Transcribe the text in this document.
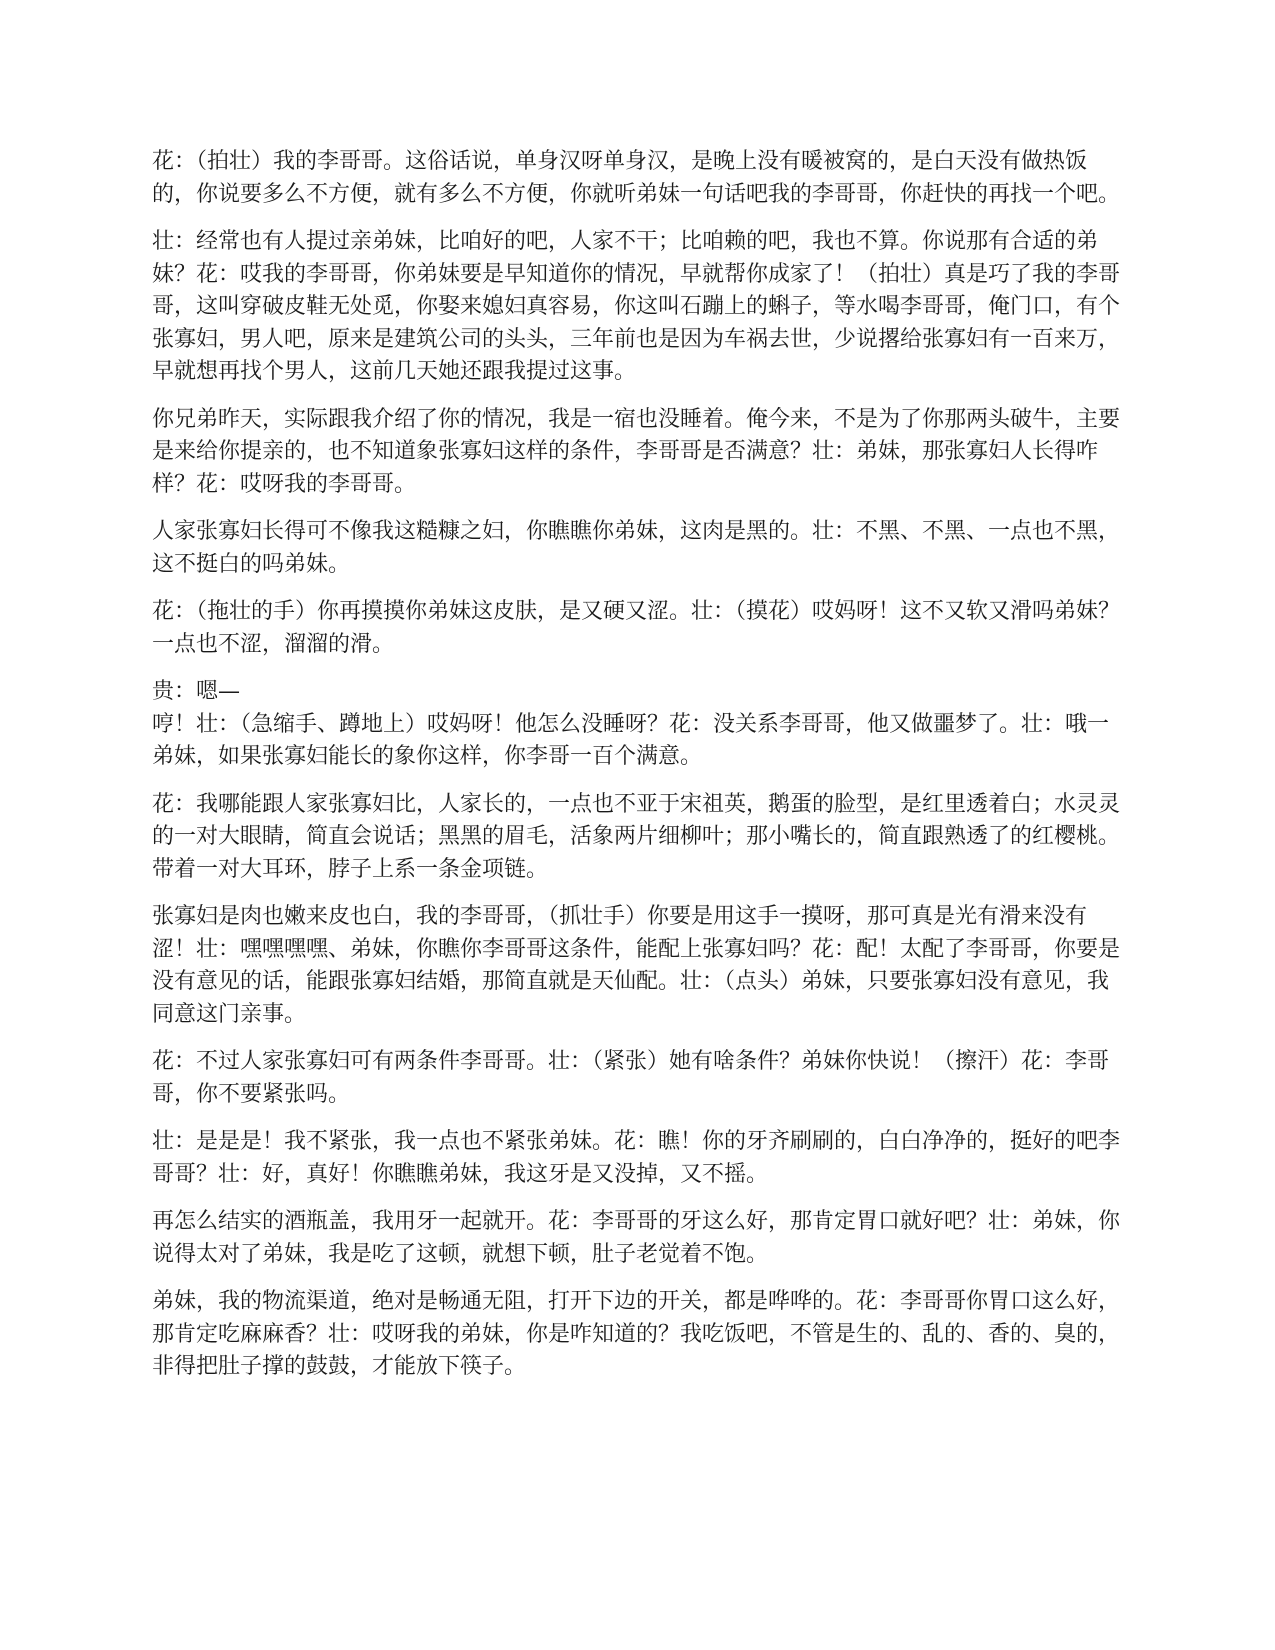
花：（拍壮）我的李哥哥。这俗话说，单身汉呀单身汉，是晚上没有暖被窝的，是白天没有做热饭的，你说要多么不方便，就有多么不方便，你就听弟妹一句话吧我的李哥哥，你赶快的再找一个吧。

壮：经常也有人提过亲弟妹，比咱好的吧，人家不干；比咱赖的吧，我也不算。你说那有合适的弟妹？花：哎我的李哥哥，你弟妹要是早知道你的情况，早就帮你成家了！（拍壮）真是巧了我的李哥哥，这叫穿破皮鞋无处觅，你娶来媳妇真容易，你这叫石蹦上的蝌子，等水喝李哥哥，俺门口，有个张寡妇，男人吧，原来是建筑公司的头头，三年前也是因为车祸去世，少说撂给张寡妇有一百来万，早就想再找个男人，这前几天她还跟我提过这事。

你兄弟昨天，实际跟我介绍了你的情况，我是一宿也没睡着。俺今来，不是为了你那两头破牛，主要是来给你提亲的，也不知道象张寡妇这样的条件，李哥哥是否满意？壮：弟妹，那张寡妇人长得咋样？花：哎呀我的李哥哥。

人家张寡妇长得可不像我这糙糠之妇，你瞧瞧你弟妹，这肉是黑的。壮：不黑、不黑、一点也不黑，这不挺白的吗弟妹。

花：（拖壮的手）你再摸摸你弟妹这皮肤，是又硬又涩。壮：（摸花）哎妈呀！这不又软又滑吗弟妹？一点也不涩，溜溜的滑。

贵：嗯—

哼！壮：（急缩手、蹲地上）哎妈呀！他怎么没睡呀？花：没关系李哥哥，他又做噩梦了。壮：哦一弟妹，如果张寡妇能长的象你这样，你李哥一百个满意。

花：我哪能跟人家张寡妇比，人家长的，一点也不亚于宋祖英，鹅蛋的脸型，是红里透着白；水灵灵的一对大眼睛，简直会说话；黑黑的眉毛，活象两片细柳叶；那小嘴长的，简直跟熟透了的红樱桃。带着一对大耳环，脖子上系一条金项链。

张寡妇是肉也嫩来皮也白，我的李哥哥，（抓壮手）你要是用这手一摸呀，那可真是光有滑来没有涩！壮：嘿嘿嘿嘿、弟妹，你瞧你李哥哥这条件，能配上张寡妇吗？花：配！太配了李哥哥，你要是没有意见的话，能跟张寡妇结婚，那简直就是天仙配。壮：（点头）弟妹，只要张寡妇没有意见，我同意这门亲事。

花：不过人家张寡妇可有两条件李哥哥。壮：（紧张）她有啥条件？弟妹你快说！（擦汗）花：李哥哥，你不要紧张吗。

壮：是是是！我不紧张，我一点也不紧张弟妹。花：瞧！你的牙齐刷刷的，白白净净的，挺好的吧李哥哥？壮：好，真好！你瞧瞧弟妹，我这牙是又没掉，又不摇。

再怎么结实的酒瓶盖，我用牙一起就开。花：李哥哥的牙这么好，那肯定胃口就好吧？壮：弟妹，你说得太对了弟妹，我是吃了这顿，就想下顿，肚子老觉着不饱。

弟妹，我的物流渠道，绝对是畅通无阻，打开下边的开关，都是哗哗的。花：李哥哥你胃口这么好，那肯定吃麻麻香？壮：哎呀我的弟妹，你是咋知道的？我吃饭吧，不管是生的、乱的、香的、臭的，非得把肚子撑的鼓鼓，才能放下筷子。
